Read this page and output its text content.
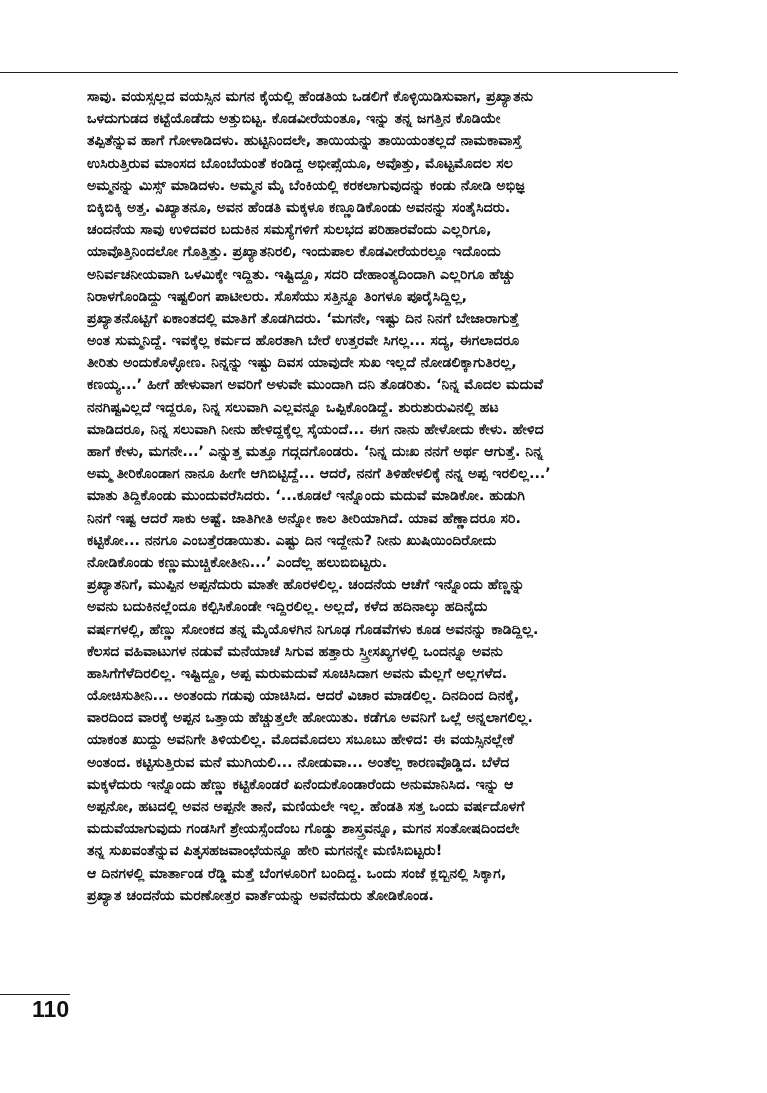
ಸಾವು. ವಯಸ್ಸಲ್ಲದ ವಯಸ್ಸಿನ ಮಗನ ಕೈಯಲ್ಲಿ ಹೆಂಡತಿಯ ಒಡಲಿಗೆ ಕೊಳ್ಳಿಯಿಡಿಸುವಾಗ, ಪ್ರಖ್ಯಾತನು
ಒಳದುಗುಡದ ಕಟ್ಟೆಯೊಡೆದು ಅತ್ತುಬಿಟ್ಟ. ಕೊಡವೀರೆಯಂತೂ, ಇನ್ನು ತನ್ನ ಜಗತ್ತಿನ ಕೊಡಿಯೇ
ತಪ್ಪಿತೆನ್ನುವ ಹಾಗೆ ಗೋಳಾಡಿದಳು. ಹುಟ್ಟಿನಿಂದಲೇ, ತಾಯಿಯನ್ನು ತಾಯಿಯಂತಲ್ಲದೆ ನಾಮಕಾವಾಸ್ತೆ
ಉಸಿರುತ್ತಿರುವ ಮಾಂಸದ ಬೊಂಬೆಯಂತೆ ಕಂಡಿದ್ದ ಅಭೀಪ್ಸೆಯೂ, ಅವೊತ್ತು, ಮೊಟ್ಟಮೊದಲ ಸಲ
ಅಮ್ಮನನ್ನು ಮಿಸ್ಸ್ ಮಾಡಿದಳು. ಅಮ್ಮನ ಮೈ ಬೆಂಕಿಯಲ್ಲಿ ಕರಕಲಾಗುವುದನ್ನು ಕಂಡು ನೋಡಿ ಅಭಿಜ್ಞ
ಬಿಕ್ಕಿಬಿಕ್ಕಿ ಅತ್ತ. ವಿಖ್ಯಾತನೂ, ಅವನ ಹೆಂಡತಿ ಮಕ್ಕಳೂ ಕಣ್ಣೂಡಿಕೊಂಡು ಅವನನ್ನು ಸಂತೈಸಿದರು.
ಚಂದನೆಯ ಸಾವು ಉಳಿದವರ ಬದುಕಿನ ಸಮಸ್ಯೆಗಳಿಗೆ ಸುಲಭದ ಪರಿಹಾರವೆಂದು ಎಲ್ಲರಿಗೂ,
ಯಾವೊತ್ತಿನಿಂದಲೋ ಗೊತ್ತಿತ್ತು. ಪ್ರಖ್ಯಾತನಿರಲಿ, ಇಂದುಪಾಲ ಕೊಡವೀರೆಯರಲ್ಲೂ ಇದೊಂದು
ಅನಿರ್ವಚನೀಯವಾಗಿ ಒಳಮಿಕ್ಕೇ ಇದ್ದಿತು. ಇಷ್ಟಿದ್ದೂ, ಸದರಿ ದೇಹಾಂತ್ಯದಿಂದಾಗಿ ಎಲ್ಲರಿಗೂ ಹೆಚ್ಚು
ನಿರಾಳಗೊಂಡಿದ್ದು ಇಷ್ಟಲಿಂಗ ಪಾಟೀಲರು. ಸೊಸೆಯು ಸತ್ತಿನ್ನೂ ತಿಂಗಳೂ ಪೂರೈಸಿದ್ದಿಲ್ಲ,
ಪ್ರಖ್ಯಾತನೊಟ್ಟಿಗೆ ಏಕಾಂತದಲ್ಲಿ ಮಾತಿಗೆ ತೊಡಗಿದರು. ‘ಮಗನೇ, ಇಷ್ಟು ದಿನ ನಿನಗೆ ಬೇಜಾರಾಗುತ್ತೆ
ಅಂತ ಸುಮ್ಮನಿದ್ದೆ. ಇವಕ್ಕೆಲ್ಲ ಕರ್ಮದ ಹೊರತಾಗಿ ಬೇರೆ ಉತ್ತರವೇ ಸಿಗಲ್ಲ... ಸದ್ಯ, ಈಗಲಾದರೂ
ತೀರಿತು ಅಂದುಕೊಳ್ಳೋಣ. ನಿನ್ನನ್ನು ಇಷ್ಟು ದಿವಸ ಯಾವುದೇ ಸುಖ ಇಲ್ಲದೆ ನೋಡಲಿಕ್ಕಾಗುತಿರಲ್ಲ,
ಕಣಯ್ಯ...’ ಹೀಗೆ ಹೇಳುವಾಗ ಅವರಿಗೆ ಅಳುವೇ ಮುಂದಾಗಿ ದನಿ ತೊಡರಿತು. ‘ನಿನ್ನ ಮೊದಲ ಮದುವೆ
ನನಗಿಷ್ಟವಿಲ್ಲದೆ ಇದ್ದರೂ, ನಿನ್ನ ಸಲುವಾಗಿ ಎಲ್ಲವನ್ನೂ ಒಪ್ಪಿಕೊಂಡಿದ್ದೆ. ಶುರುಶುರುವಿನಲ್ಲಿ ಹಟ
ಮಾಡಿದರೂ, ನಿನ್ನ ಸಲುವಾಗಿ ನೀನು ಹೇಳಿದ್ದಕ್ಕೆಲ್ಲ ಸೈಯಂದೆ... ಈಗ ನಾನು ಹೇಳೋದು ಕೇಳು. ಹೇಳಿದ
ಹಾಗೆ ಕೇಳು, ಮಗನೇ...’ ಎನ್ನುತ್ತ ಮತ್ತೂ ಗದ್ಗದಗೊಂಡರು. ‘ನಿನ್ನ ದುಃಖ ನನಗೆ ಅರ್ಥ ಆಗುತ್ತೆ. ನಿನ್ನ
ಅಮ್ಮ ತೀರಿಕೊಂಡಾಗ ನಾನೂ ಹೀಗೇ ಆಗಿಬಿಟ್ಟಿದ್ದೆ... ಆದರೆ, ನನಗೆ ತಿಳಿಹೇಳಲಿಕ್ಕೆ ನನ್ನ ಅಪ್ಪ ಇರಲಿಲ್ಲ...’
ಮಾತು ತಿದ್ದಿಕೊಂಡು ಮುಂದುವರೆಸಿದರು. ‘...ಕೂಡಲೆ ಇನ್ನೊಂದು ಮದುವೆ ಮಾಡಿಕೋ. ಹುಡುಗಿ
ನಿನಗೆ ಇಷ್ಟ ಆದರೆ ಸಾಕು ಅಷ್ಟೆ. ಜಾತಿಗೀತಿ ಅನ್ನೋ ಕಾಲ ತೀರಿಯಾಗಿದೆ. ಯಾವ ಹೆಣ್ಣಾದರೂ ಸರಿ.
ಕಟ್ಟಿಕೋ... ನನಗೂ ಎಂಬತ್ತೆರಡಾಯಿತು. ಎಷ್ಟು ದಿನ ಇದ್ದೇನು? ನೀನು ಖುಷಿಯಿಂದಿರೋದು
ನೋಡಿಕೊಂಡು ಕಣ್ಣುಮುಚ್ಚಿಕೋತೀನಿ...’ ಎಂದೆಲ್ಲ ಹಲುಬಿಬಿಟ್ಟರು.
ಪ್ರಖ್ಯಾತನಿಗೆ, ಮುಪ್ಪಿನ ಅಪ್ಪನೆದುರು ಮಾತೇ ಹೊರಳಲಿಲ್ಲ. ಚಂದನೆಯ ಆಚೆಗೆ ಇನ್ನೊಂದು ಹೆಣ್ಣನ್ನು
ಅವನು ಬದುಕಿನಲ್ಲೆಂದೂ ಕಲ್ಪಿಸಿಕೊಂಡೇ ಇದ್ದಿರಲಿಲ್ಲ. ಅಲ್ಲದೆ, ಕಳೆದ ಹದಿನಾಲ್ಕು ಹದಿನೈದು
ವರ್ಷಗಳಲ್ಲಿ, ಹೆಣ್ಣು ಸೋಂಕದ ತನ್ನ ಮೈಯೊಳಗಿನ ನಿಗೂಢ ಗೊಡವೆಗಳು ಕೂಡ ಅವನನ್ನು ಕಾಡಿದ್ದಿಲ್ಲ.
ಕೆಲಸದ ವಹಿವಾಟುಗಳ ನಡುವೆ ಮನೆಯಾಚೆ ಸಿಗುವ ಹತ್ತಾರು ಸ್ತ್ರೀಸಖ್ಯಗಳಲ್ಲಿ ಒಂದನ್ನೂ ಅವನು
ಹಾಸಿಗೆಗೆಳೆದಿರಲಿಲ್ಲ. ಇಷ್ಟಿದ್ದೂ, ಅಪ್ಪ ಮರುಮದುವೆ ಸೂಚಿಸಿದಾಗ ಅವನು ಮೆಲ್ಲಗೆ ಅಲ್ಲಗಳೆದ.
ಯೋಚಿಸುತೀನಿ... ಅಂತಂದು ಗಡುವು ಯಾಚಿಸಿದ. ಆದರೆ ವಿಚಾರ ಮಾಡಲಿಲ್ಲ. ದಿನದಿಂದ ದಿನಕ್ಕೆ,
ವಾರದಿಂದ ವಾರಕ್ಕೆ ಅಪ್ಪನ ಒತ್ತಾಯ ಹೆಚ್ಚುತ್ತಲೇ ಹೋಯಿತು. ಕಡೆಗೂ ಅವನಿಗೆ ಒಲ್ಲೆ ಅನ್ನಲಾಗಲಿಲ್ಲ.
ಯಾಕಂತ ಖುದ್ದು ಅವನಿಗೇ ತಿಳಿಯಲಿಲ್ಲ. ಮೊದಮೊದಲು ಸಬೂಬು ಹೇಳಿದ: ಈ ವಯಸ್ಸಿನಲ್ಲೇಕೆ
ಅಂತಂದ. ಕಟ್ಟಿಸುತ್ತಿರುವ ಮನೆ ಮುಗಿಯಲಿ... ನೋಡುವಾ... ಅಂತೆಲ್ಲ ಕಾರಣವೊಡ್ಡಿದ. ಬೆಳೆದ
ಮಕ್ಕಳೆದುರು ಇನ್ನೊಂದು ಹೆಣ್ಣು ಕಟ್ಟಿಕೊಂಡರೆ ಏನೆಂದುಕೊಂಡಾರೆಂದು ಅನುಮಾನಿಸಿದ. ಇನ್ನು ಆ
ಅಪ್ಪನೋ, ಹಟದಲ್ಲಿ ಅವನ ಅಪ್ಪನೇ ತಾನೆ, ಮಣಿಯಲೇ ಇಲ್ಲ. ಹೆಂಡತಿ ಸತ್ತ ಒಂದು ವರ್ಷದೊಳಗೆ
ಮದುವೆಯಾಗುವುದು ಗಂಡಸಿಗೆ ಶ್ರೇಯಸ್ಸೆಂದೆಂಬ ಗೊಡ್ಡು ಶಾಸ್ತ್ರವನ್ನೂ, ಮಗನ ಸಂತೋಷದಿಂದಲೇ
ತನ್ನ ಸುಖವಂತೆನ್ನುವ ಪಿತೃಸಹಜವಾಂಛೆಯನ್ನೂ ಹೇರಿ ಮಗನನ್ನೇ ಮಣಿಸಿಬಿಟ್ಟರು!
ಆ ದಿನಗಳಲ್ಲಿ ಮಾರ್ತಾಂಡ ರೆಡ್ಡಿ ಮತ್ತೆ ಬೆಂಗಳೂರಿಗೆ ಬಂದಿದ್ದ. ಒಂದು ಸಂಜೆ ಕ್ಲಬ್ಬಿನಲ್ಲಿ ಸಿಕ್ಕಾಗ,
ಪ್ರಖ್ಯಾತ ಚಂದನೆಯ ಮರಣೋತ್ತರ ವಾರ್ತೆಯನ್ನು ಅವನೆದುರು ತೋಡಿಕೊಂಡ.
110
